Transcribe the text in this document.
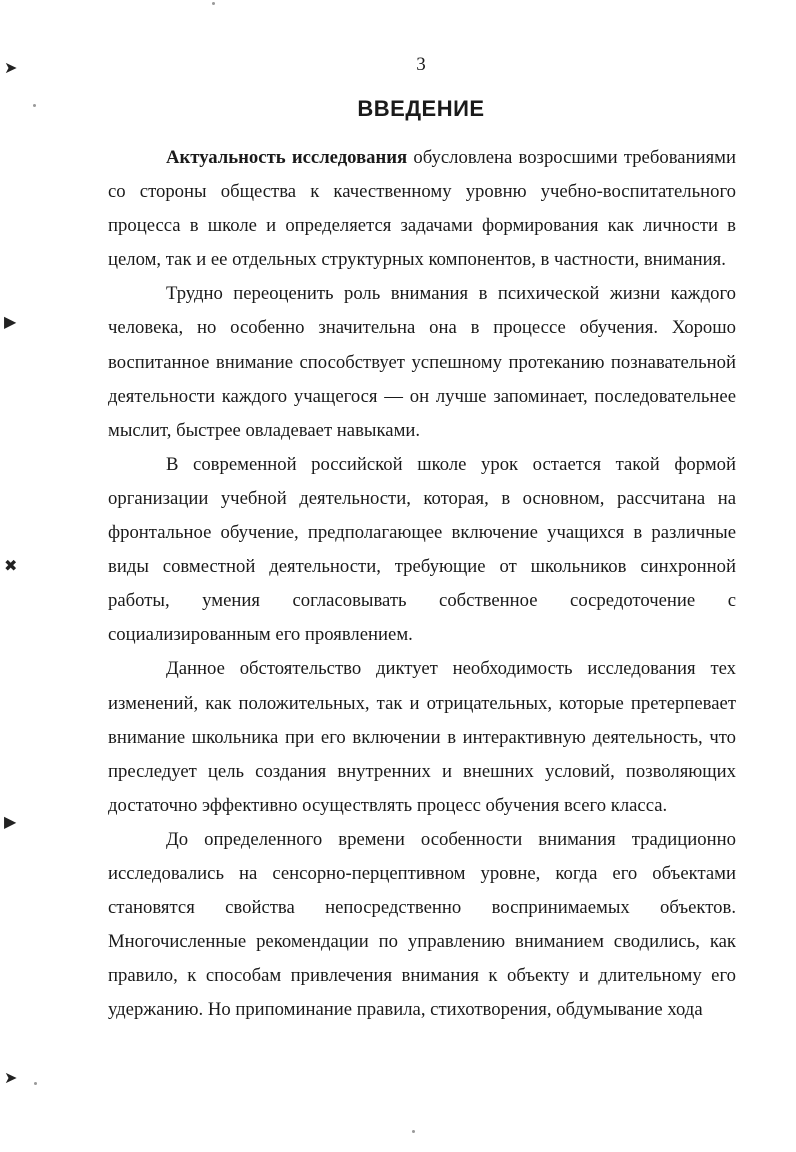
➤
▶
✖
▶
➤
3
ВВЕДЕНИЕ

Актуальность исследования обусловлена возросшими требованиями со стороны общества к качественному уровню учебно-воспитательного процесса в школе и определяется задачами формирования как личности в целом, так и ее отдельных структурных компонентов, в частности, внимания.

Трудно переоценить роль внимания в психической жизни каждого человека, но особенно значительна она в процессе обучения. Хорошо воспитанное внимание способствует успешному протеканию познавательной деятельности каждого учащегося — он лучше запоминает, последовательнее мыслит, быстрее овладевает навыками.

В современной российской школе урок остается такой формой организации учебной деятельности, которая, в основном, рассчитана на фронтальное обучение, предполагающее включение учащихся в различные виды совместной деятельности, требующие от школьников синхронной работы, умения согласовывать собственное сосредоточение с социализированным его проявлением.

Данное обстоятельство диктует необходимость исследования тех изменений, как положительных, так и отрицательных, которые претерпевает внимание школьника при его включении в интерактивную деятельность, что преследует цель создания внутренних и внешних условий, позволяющих достаточно эффективно осуществлять процесс обучения всего класса.

До определенного времени особенности внимания традиционно исследовались на сенсорно-перцептивном уровне, когда его объектами становятся свойства непосредственно воспринимаемых объектов. Многочисленные рекомендации по управлению вниманием сводились, как правило, к способам привлечения внимания к объекту и длительному его удержанию. Но припоминание правила, стихотворения, обдумывание хода
